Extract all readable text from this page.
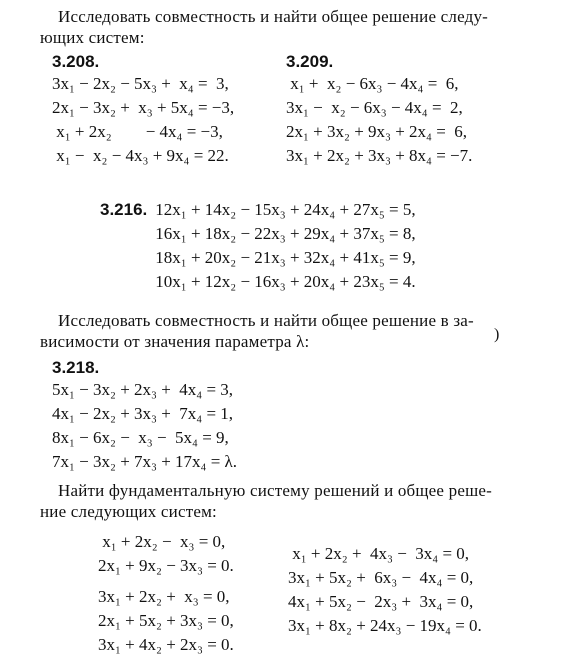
Исследовать совместность и найти общее решение следу-
ющих систем:
3.208.
3x₁ − 2x₂ − 5x₃ +  x₄ =  3,
2x₁ − 3x₂ +  x₃ + 5x₄ = −3,
x₁ + 2x₂        − 4x₄ = −3,
x₁ −  x₂ − 4x₃ + 9x₄ = 22.
3.209.
x₁ +  x₂ − 6x₃ − 4x₄ =  6,
3x₁ −  x₂ − 6x₃ − 4x₄ =  2,
2x₁ + 3x₂ + 9x₃ + 2x₄ =  6,
3x₁ + 2x₂ + 3x₃ + 8x₄ = −7.
3.216. 12x₁ + 14x₂ − 15x₃ + 24x₄ + 27x₅ = 5,
16x₁ + 18x₂ − 22x₃ + 29x₄ + 37x₅ = 8,
18x₁ + 20x₂ − 21x₃ + 32x₄ + 41x₅ = 9,
10x₁ + 12x₂ − 16x₃ + 20x₄ + 23x₅ = 4.
Исследовать совместность и найти общее решение в за-
висимости от значения параметра λ:	)
3.218.
5x₁ − 3x₂ + 2x₃ +  4x₄ = 3,
4x₁ − 2x₂ + 3x₃ +  7x₄ = 1,
8x₁ − 6x₂ −  x₃ −  5x₄ = 9,
7x₁ − 3x₂ + 7x₃ + 17x₄ = λ.
Найти фундаментальную систему решений и общее реше-
ние следующих систем:
x₁ + 2x₂ −  x₃ = 0,
2x₁ + 9x₂ − 3x₃ = 0.
3x₁ + 2x₂ +  x₃ = 0,
2x₁ + 5x₂ + 3x₃ = 0,
3x₁ + 4x₂ + 2x₃ = 0.
x₁ + 2x₂ +  4x₃ −  3x₄ = 0,
3x₁ + 5x₂ +  6x₃ −  4x₄ = 0,
4x₁ + 5x₂ −  2x₃ +  3x₄ = 0,
3x₁ + 8x₂ + 24x₃ − 19x₄ = 0.
